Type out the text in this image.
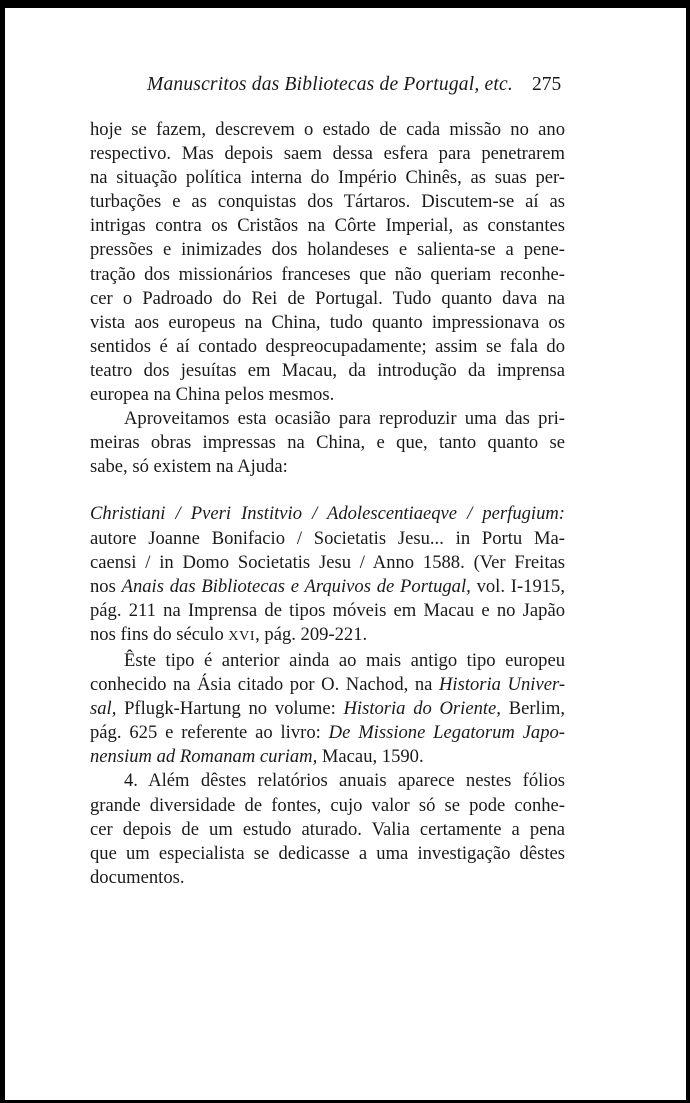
Manuscritos das Bibliotecas de Portugal, etc. 275

hoje se fazem, descrevem o estado de cada missão no ano
respectivo. Mas depois saem dessa esfera para penetrarem
na situação política interna do Império Chinês, as suas per-
turbações e as conquistas dos Tártaros. Discutem-se aí as
intrigas contra os Cristãos na Côrte Imperial, as constantes
pressões e inimizades dos holandeses e salienta-se a pene-
tração dos missionários franceses que não queriam reconhe-
cer o Padroado do Rei de Portugal. Tudo quanto dava na
vista aos europeus na China, tudo quanto impressionava os
sentidos é aí contado despreocupadamente; assim se fala do
teatro dos jesuítas em Macau, da introdução da imprensa
europea na China pelos mesmos.

Aproveitamos esta ocasião para reproduzir uma das pri-
meiras obras impressas na China, e que, tanto quanto se
sabe, só existem na Ajuda:

Christiani / Pveri Institvio / Adolescentiaeqve / perfugium:
autore Joanne Bonifacio / Societatis Jesu... in Portu Ma-
caensi / in Domo Societatis Jesu / Anno 1588. (Ver Freitas
nos Anais das Bibliotecas e Arquivos de Portugal, vol. I-1915,
pág. 211 na Imprensa de tipos móveis em Macau e no Japão
nos fins do século XVI, pág. 209-221.

Êste tipo é anterior ainda ao mais antigo tipo europeu
conhecido na Ásia citado por O. Nachod, na Historia Univer-
sal, Pflugk-Hartung no volume: Historia do Oriente, Berlim,
pág. 625 e referente ao livro: De Missione Legatorum Japo-
nensium ad Romanam curiam, Macau, 1590.

4. Além dêstes relatórios anuais aparece nestes fólios
grande diversidade de fontes, cujo valor só se pode conhe-
cer depois de um estudo aturado. Valia certamente a pena
que um especialista se dedicasse a uma investigação dêstes
documentos.
